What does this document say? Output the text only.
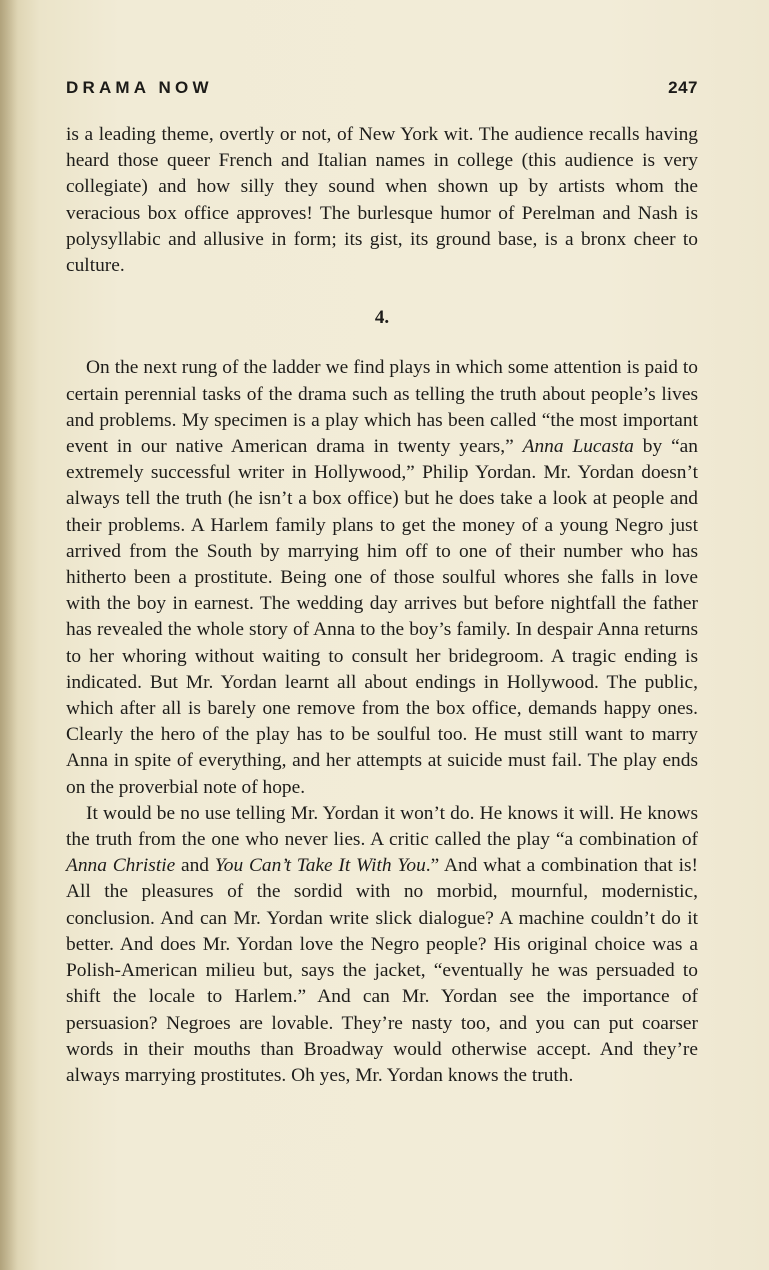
DRAMA NOW	247

is a leading theme, overtly or not, of New York wit. The audience recalls having heard those queer French and Italian names in college (this audience is very collegiate) and how silly they sound when shown up by artists whom the veracious box office approves! The burlesque humor of Perelman and Nash is polysyllabic and allusive in form; its gist, its ground base, is a bronx cheer to culture.

4.

On the next rung of the ladder we find plays in which some attention is paid to certain perennial tasks of the drama such as telling the truth about people’s lives and problems. My specimen is a play which has been called “the most important event in our native American drama in twenty years,” Anna Lucasta by “an extremely successful writer in Hollywood,” Philip Yordan. Mr. Yordan doesn’t always tell the truth (he isn’t a box office) but he does take a look at people and their problems. A Harlem family plans to get the money of a young Negro just arrived from the South by marrying him off to one of their number who has hitherto been a prostitute. Being one of those soulful whores she falls in love with the boy in earnest. The wedding day arrives but before nightfall the father has revealed the whole story of Anna to the boy’s family. In despair Anna returns to her whoring without waiting to consult her bridegroom. A tragic ending is indicated. But Mr. Yordan learnt all about endings in Hollywood. The public, which after all is barely one remove from the box office, demands happy ones. Clearly the hero of the play has to be soulful too. He must still want to marry Anna in spite of everything, and her attempts at suicide must fail. The play ends on the proverbial note of hope.

It would be no use telling Mr. Yordan it won’t do. He knows it will. He knows the truth from the one who never lies. A critic called the play “a combination of Anna Christie and You Can’t Take It With You.” And what a combination that is! All the pleasures of the sordid with no morbid, mournful, modernistic, conclusion. And can Mr. Yordan write slick dialogue? A machine couldn’t do it better. And does Mr. Yordan love the Negro people? His original choice was a Polish-American milieu but, says the jacket, “eventually he was persuaded to shift the locale to Harlem.” And can Mr. Yordan see the importance of persuasion? Negroes are lovable. They’re nasty too, and you can put coarser words in their mouths than Broadway would otherwise accept. And they’re always marrying prostitutes. Oh yes, Mr. Yordan knows the truth.
